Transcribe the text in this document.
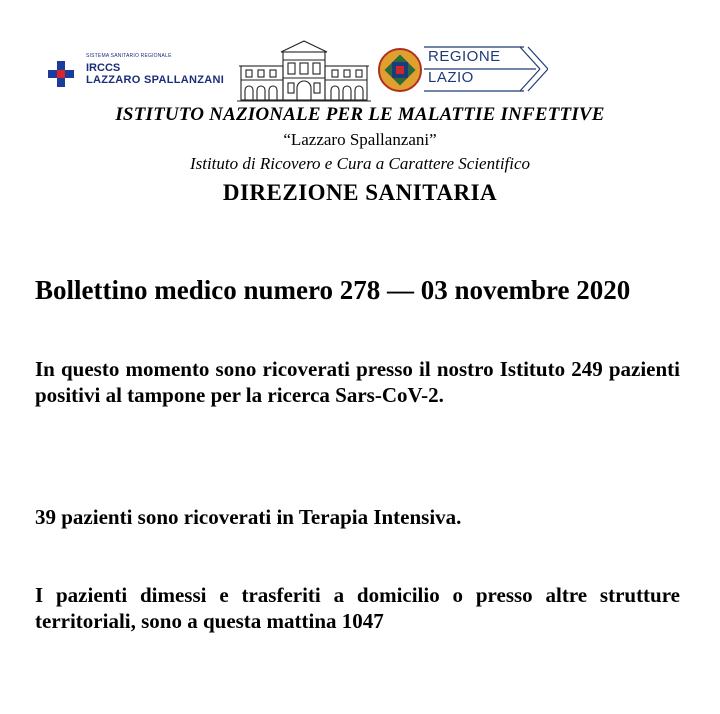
SISTEMA SANITARIO REGIONALE
IRCCS
LAZZARO SPALLANZANI
REGIONE
LAZIO
ISTITUTO NAZIONALE PER LE MALATTIE INFETTIVE
“Lazzaro Spallanzani”
Istituto di Ricovero e Cura a Carattere Scientifico
DIREZIONE SANITARIA
Bollettino medico numero 278 — 03 novembre 2020
In questo momento sono ricoverati presso il nostro Istituto 249 pazienti positivi al tampone per la ricerca Sars-CoV-2.
39 pazienti sono ricoverati in Terapia Intensiva.
I pazienti dimessi e trasferiti a domicilio o presso altre strutture territoriali, sono a questa mattina 1047
